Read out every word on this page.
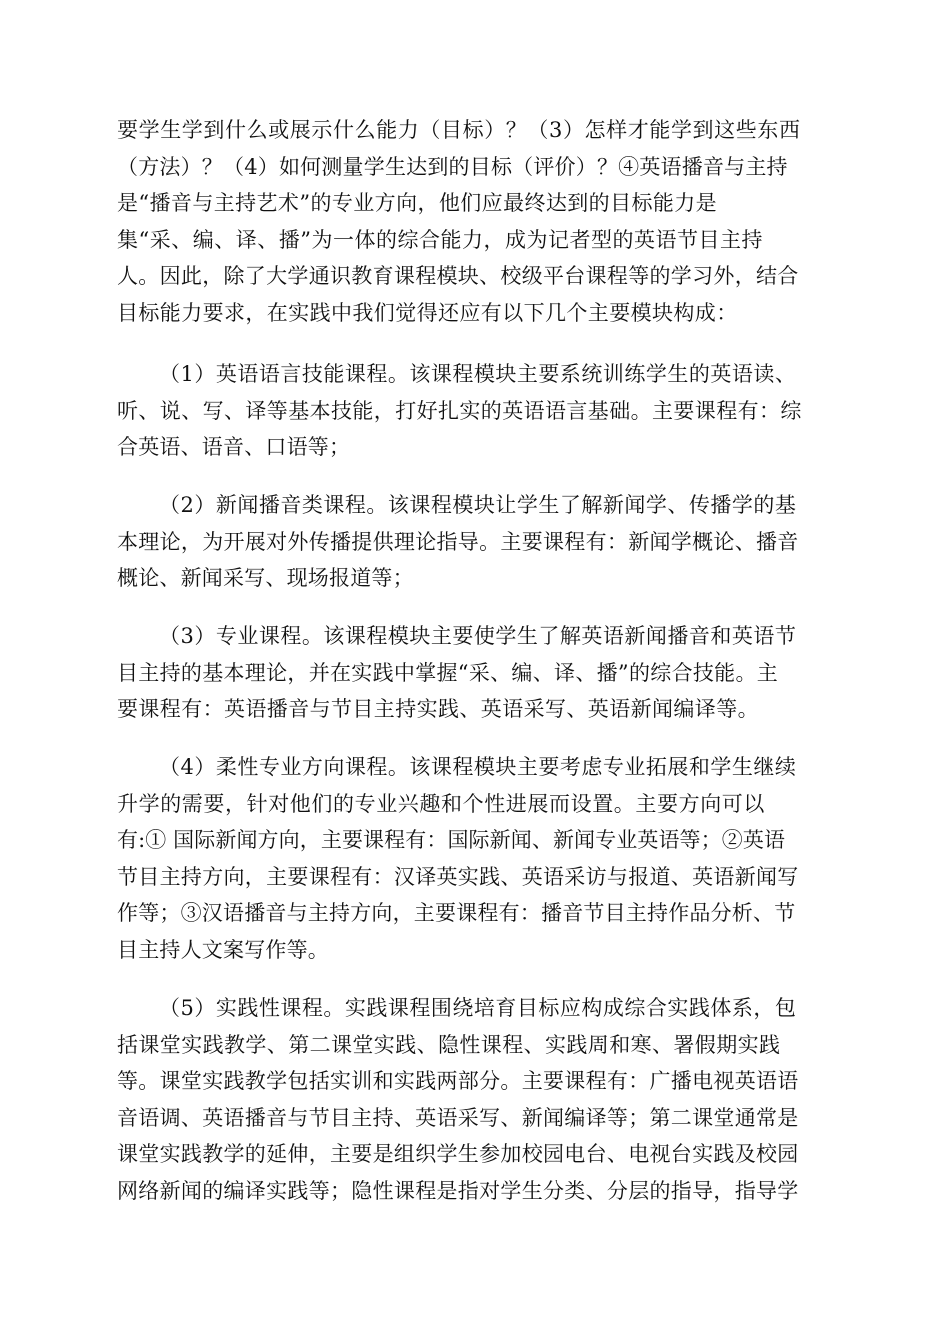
要学生学到什么或展示什么能力（目标）？（3）怎样才能学到这些东西
（方法）？（4）如何测量学生达到的目标（评价）？④英语播音与主持
是“播音与主持艺术”的专业方向，他们应最终达到的目标能力是
集“采、编、译、播”为一体的综合能力，成为记者型的英语节目主持
人。因此，除了大学通识教育课程模块、校级平台课程等的学习外，结合
目标能力要求，在实践中我们觉得还应有以下几个主要模块构成：
（1）英语语言技能课程。该课程模块主要系统训练学生的英语读、
听、说、写、译等基本技能，打好扎实的英语语言基础。主要课程有：综
合英语、语音、口语等；
（2）新闻播音类课程。该课程模块让学生了解新闻学、传播学的基
本理论，为开展对外传播提供理论指导。主要课程有：新闻学概论、播音
概论、新闻采写、现场报道等；
（3）专业课程。该课程模块主要使学生了解英语新闻播音和英语节
目主持的基本理论，并在实践中掌握“采、编、译、播”的综合技能。主
要课程有：英语播音与节目主持实践、英语采写、英语新闻编译等。
（4）柔性专业方向课程。该课程模块主要考虑专业拓展和学生继续
升学的需要，针对他们的专业兴趣和个性进展而设置。主要方向可以
有:① 国际新闻方向，主要课程有：国际新闻、新闻专业英语等；②英语
节目主持方向，主要课程有：汉译英实践、英语采访与报道、英语新闻写
作等；③汉语播音与主持方向，主要课程有：播音节目主持作品分析、节
目主持人文案写作等。
（5）实践性课程。实践课程围绕培育目标应构成综合实践体系，包
括课堂实践教学、第二课堂实践、隐性课程、实践周和寒、署假期实践
等。课堂实践教学包括实训和实践两部分。主要课程有：广播电视英语语
音语调、英语播音与节目主持、英语采写、新闻编译等；第二课堂通常是
课堂实践教学的延伸，主要是组织学生参加校园电台、电视台实践及校园
网络新闻的编译实践等；隐性课程是指对学生分类、分层的指导，指导学
